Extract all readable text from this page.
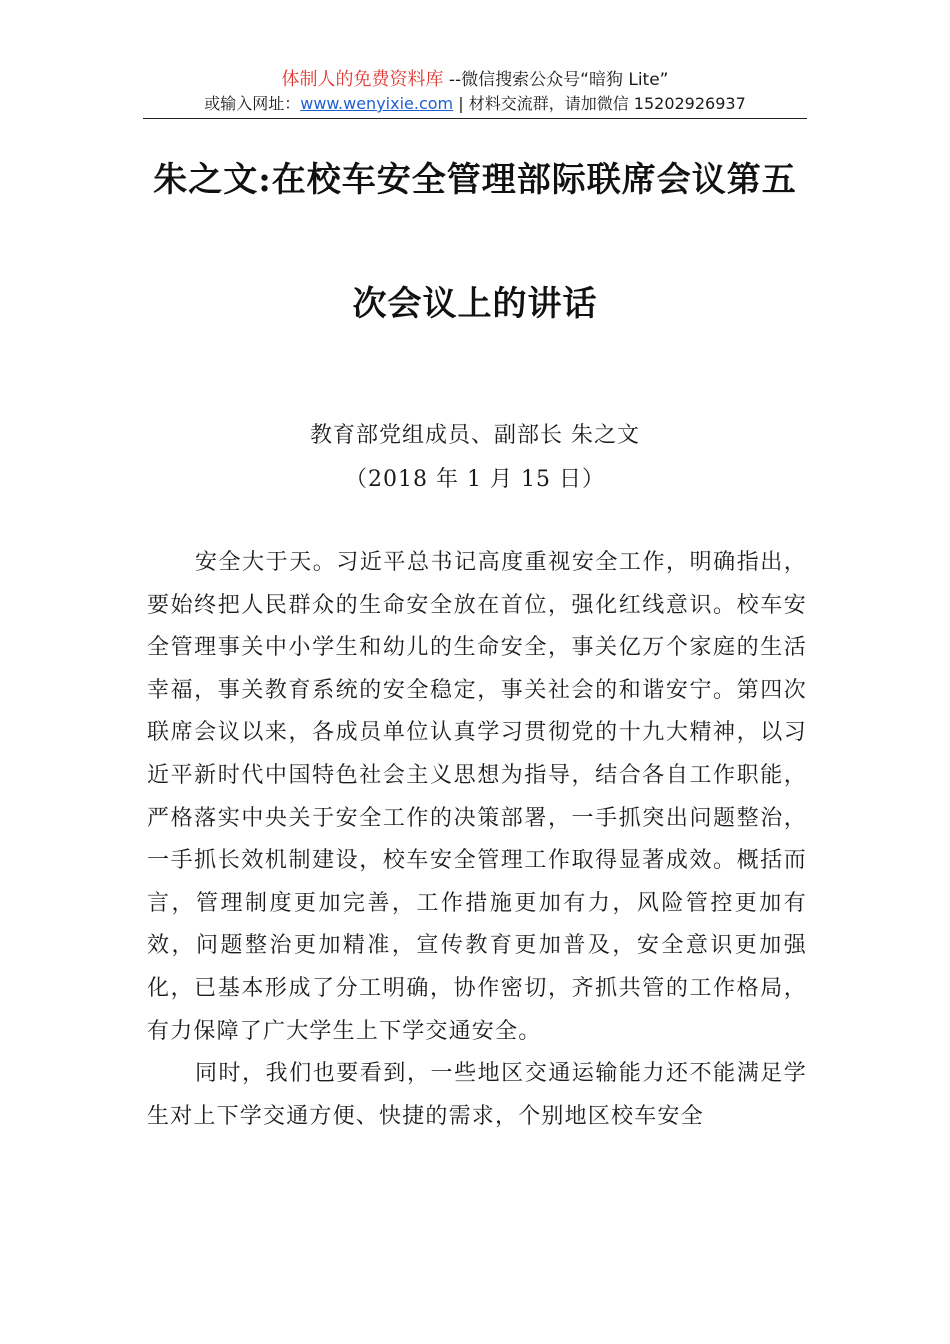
体制人的免费资料库 --微信搜索公众号“暗狗 Lite”
或输入网址：www.wenyixie.com | 材料交流群，请加微信 15202926937
朱之文:在校车安全管理部际联席会议第五
次会议上的讲话
教育部党组成员、副部长 朱之文
（2018 年 1 月 15 日）

安全大于天。习近平总书记高度重视安全工作，明确指出，要始终把人民群众的生命安全放在首位，强化红线意识。校车安全管理事关中小学生和幼儿的生命安全，事关亿万个家庭的生活幸福，事关教育系统的安全稳定，事关社会的和谐安宁。第四次联席会议以来，各成员单位认真学习贯彻党的十九大精神，以习近平新时代中国特色社会主义思想为指导，结合各自工作职能，严格落实中央关于安全工作的决策部署，一手抓突出问题整治，一手抓长效机制建设，校车安全管理工作取得显著成效。概括而言，管理制度更加完善，工作措施更加有力，风险管控更加有效，问题整治更加精准，宣传教育更加普及，安全意识更加强化，已基本形成了分工明确，协作密切，齐抓共管的工作格局，有力保障了广大学生上下学交通安全。

同时，我们也要看到，一些地区交通运输能力还不能满足学生对上下学交通方便、快捷的需求，个别地区校车安全
